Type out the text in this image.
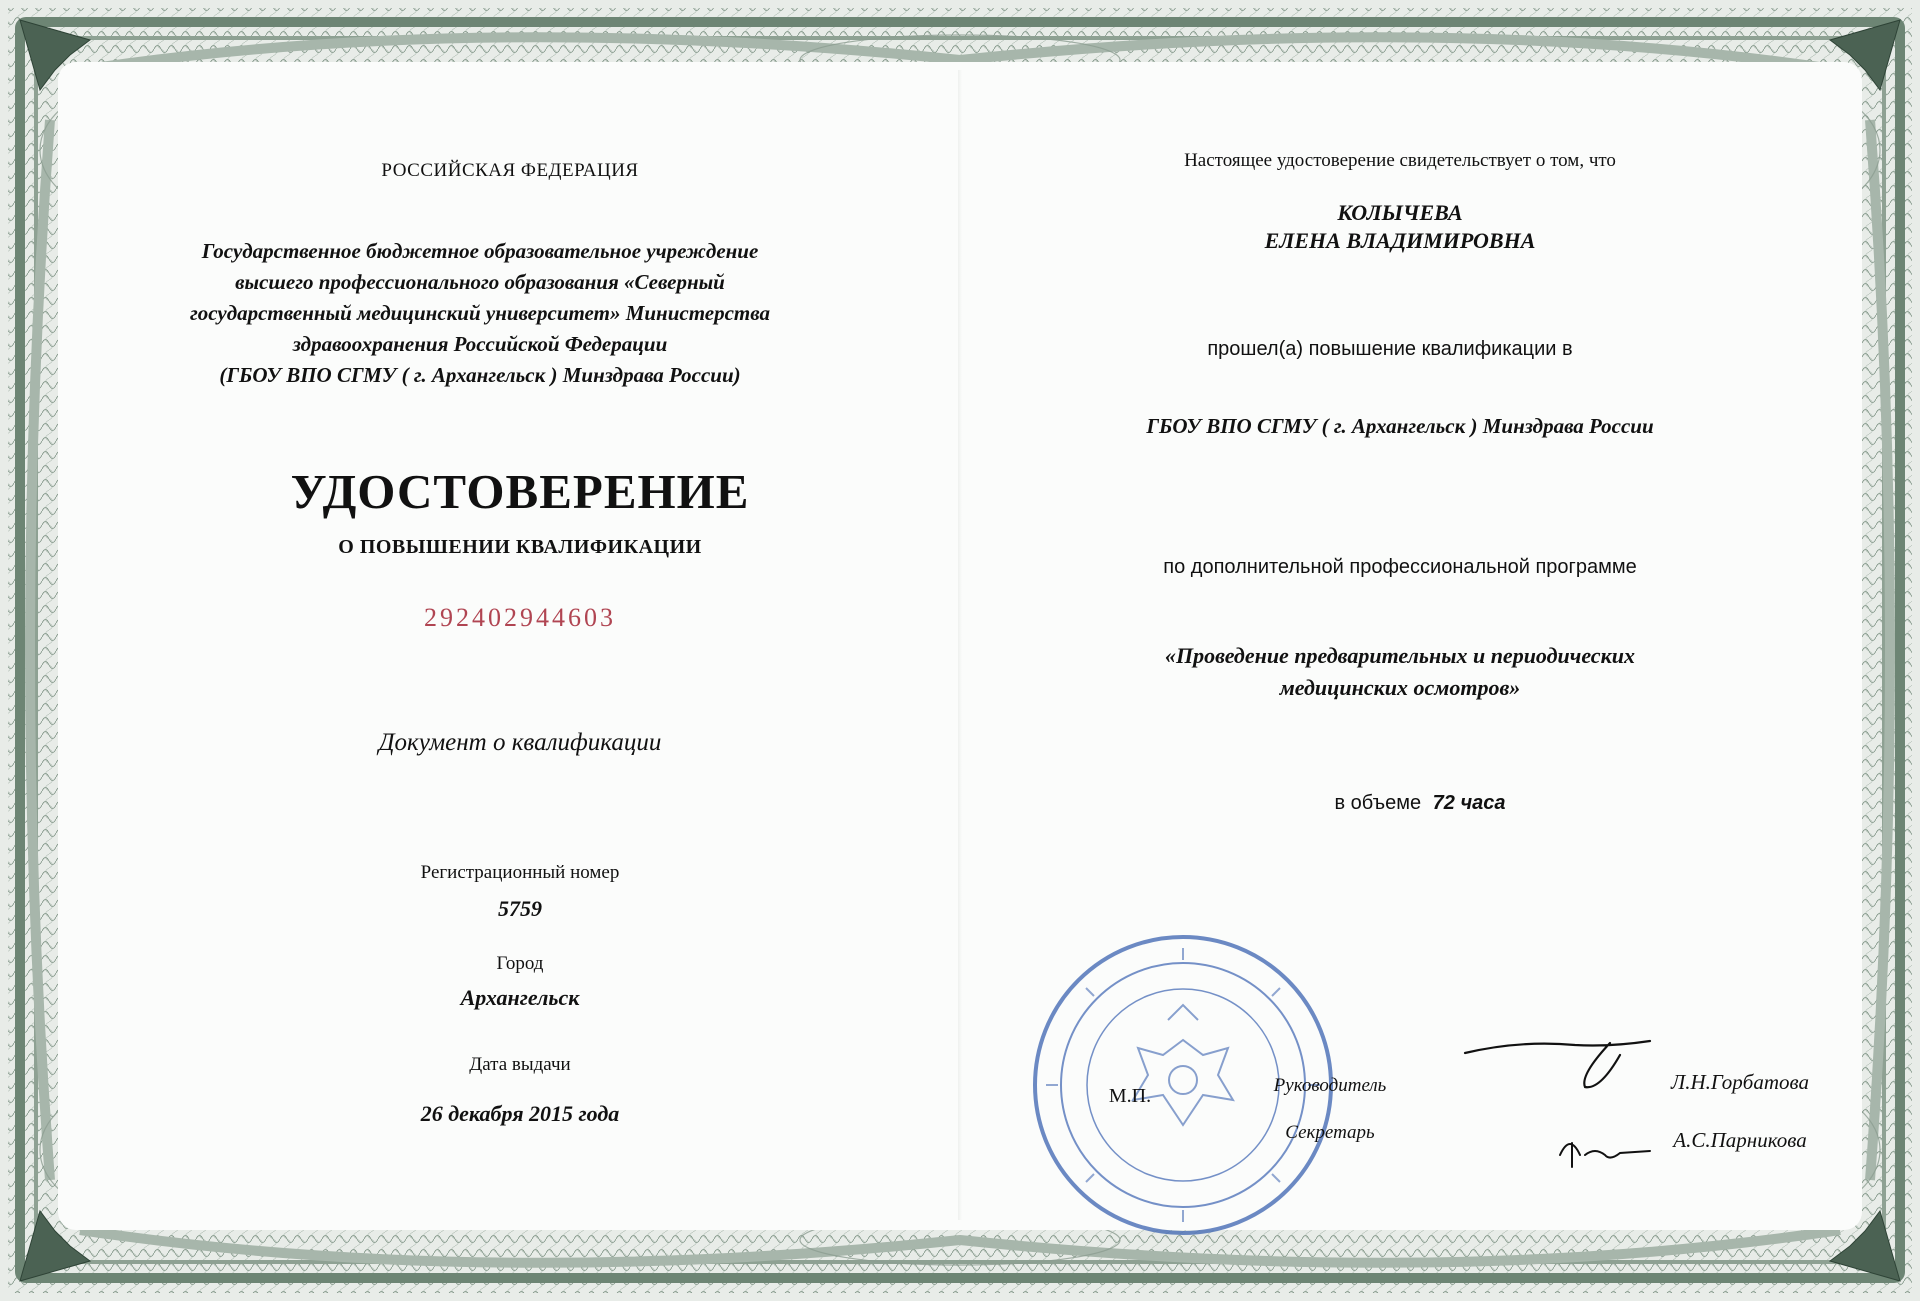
РОССИЙСКАЯ ФЕДЕРАЦИЯ
Государственное бюджетное образовательное учреждение
высшего профессионального образования «Северный
государственный медицинский университет» Министерства
здравоохранения Российской Федерации
(ГБОУ ВПО СГМУ ( г. Архангельск ) Минздрава России)
УДОСТОВЕРЕНИЕ
О ПОВЫШЕНИИ КВАЛИФИКАЦИИ
292402944603
Документ о квалификации
Регистрационный номер
5759
Город
Архангельск
Дата выдачи
26 декабря 2015 года
Настоящее удостоверение свидетельствует о том, что
КОЛЫЧЕВА
ЕЛЕНА ВЛАДИМИРОВНА
прошел(а) повышение квалификации в
ГБОУ ВПО СГМУ ( г. Архангельск ) Минздрава России
по дополнительной профессиональной программе
«Проведение предварительных и периодических
медицинских осмотров»
в объеме 72 часа
М.П.	Руководитель	Л.Н.Горбатова
Секретарь	А.С.Парникова
